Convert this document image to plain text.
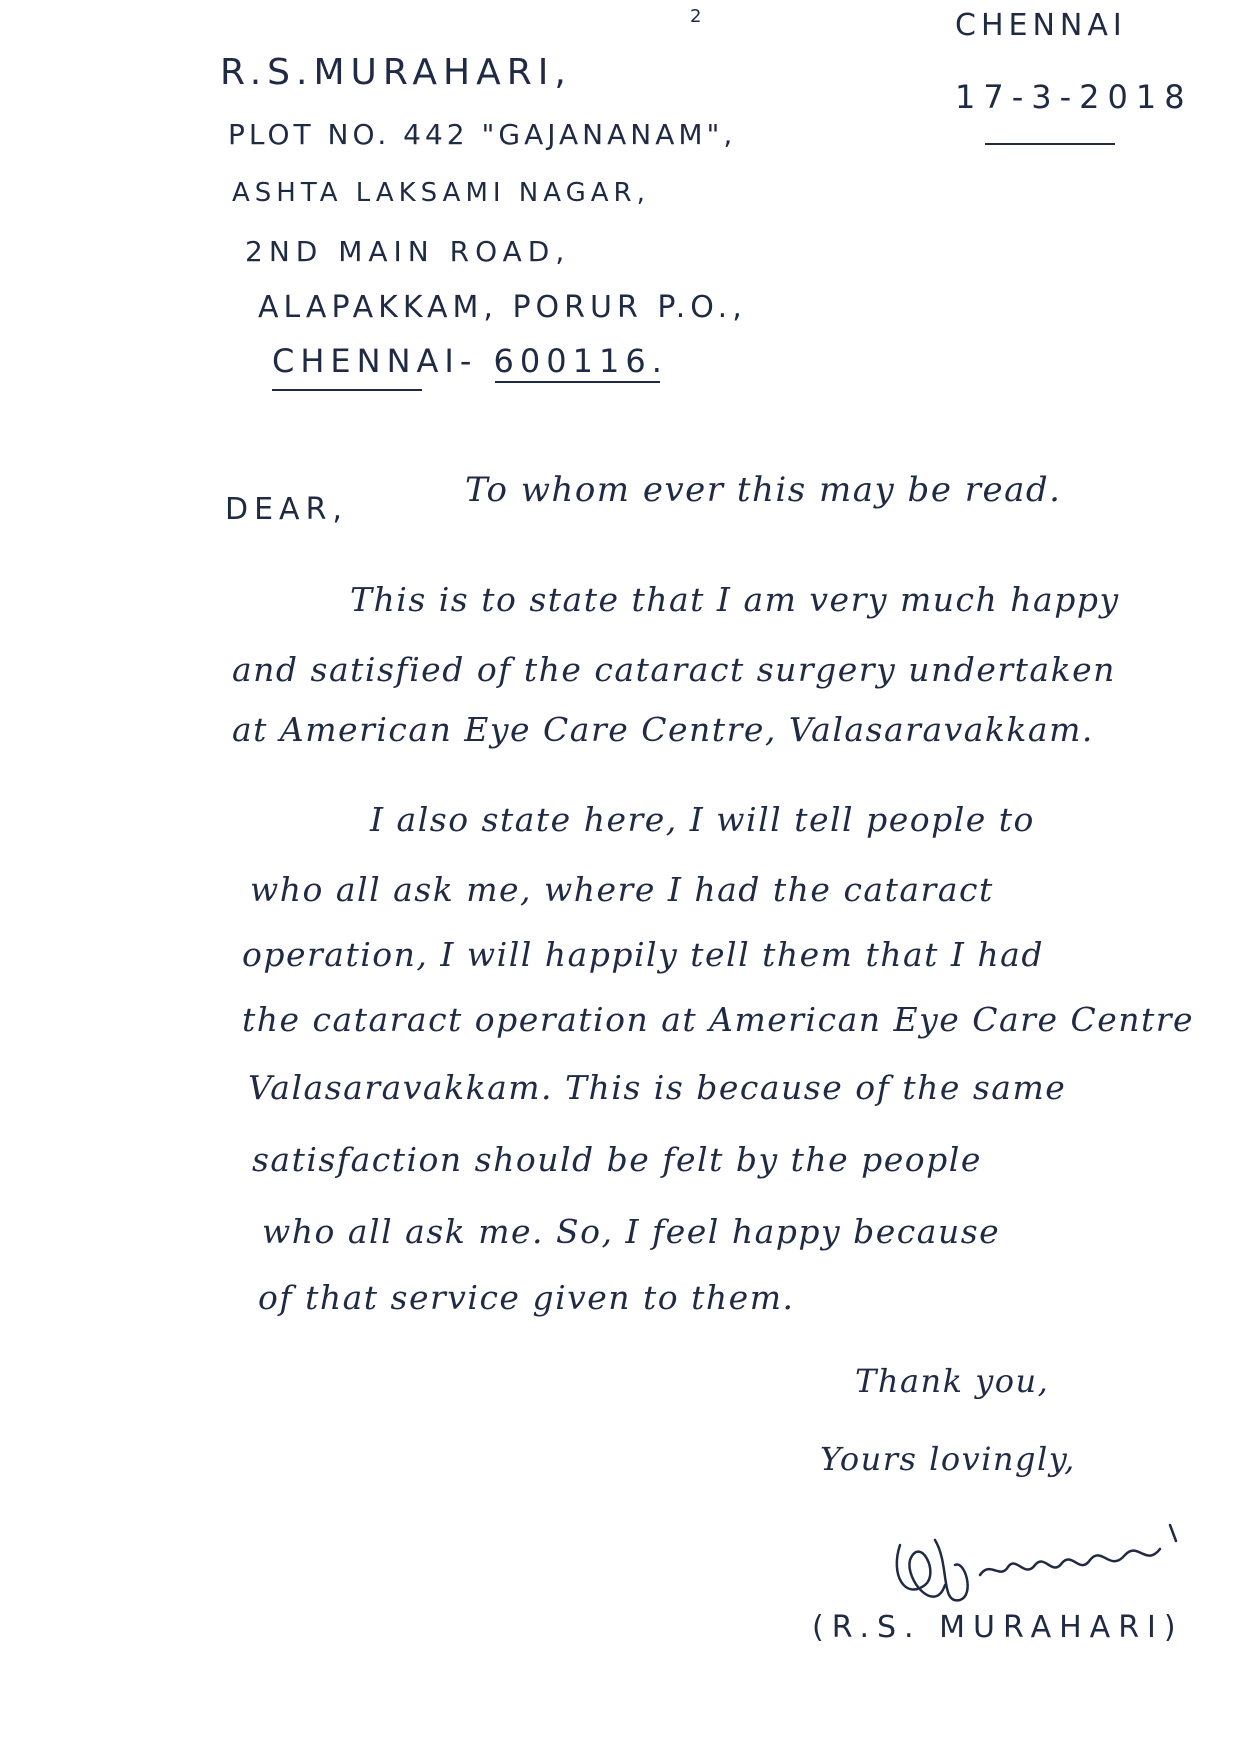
2	CHENNAI
17-3-2018
R.S.MURAHARI,
PLOT NO. 442 "GAJANANAM",
ASHTA LAKSAMI NAGAR,
2ND MAIN ROAD,
ALAPAKKAM, PORUR P.O.,
CHENNAI- 600116.
DEAR,	To whom ever this may be read.
This is to state that I am very much happy
and satisfied of the cataract surgery undertaken
at American Eye Care Centre, Valasaravakkam.
I also state here, I will tell people to
who all ask me, where I had the cataract
operation, I will happily tell them that I had
the cataract operation at American Eye Care Centre
Valasaravakkam. This is because of the same
satisfaction should be felt by the people
who all ask me. So, I feel happy because
of that service given to them.
Thank you,
Yours lovingly,
(R.S. MURAHARI)
